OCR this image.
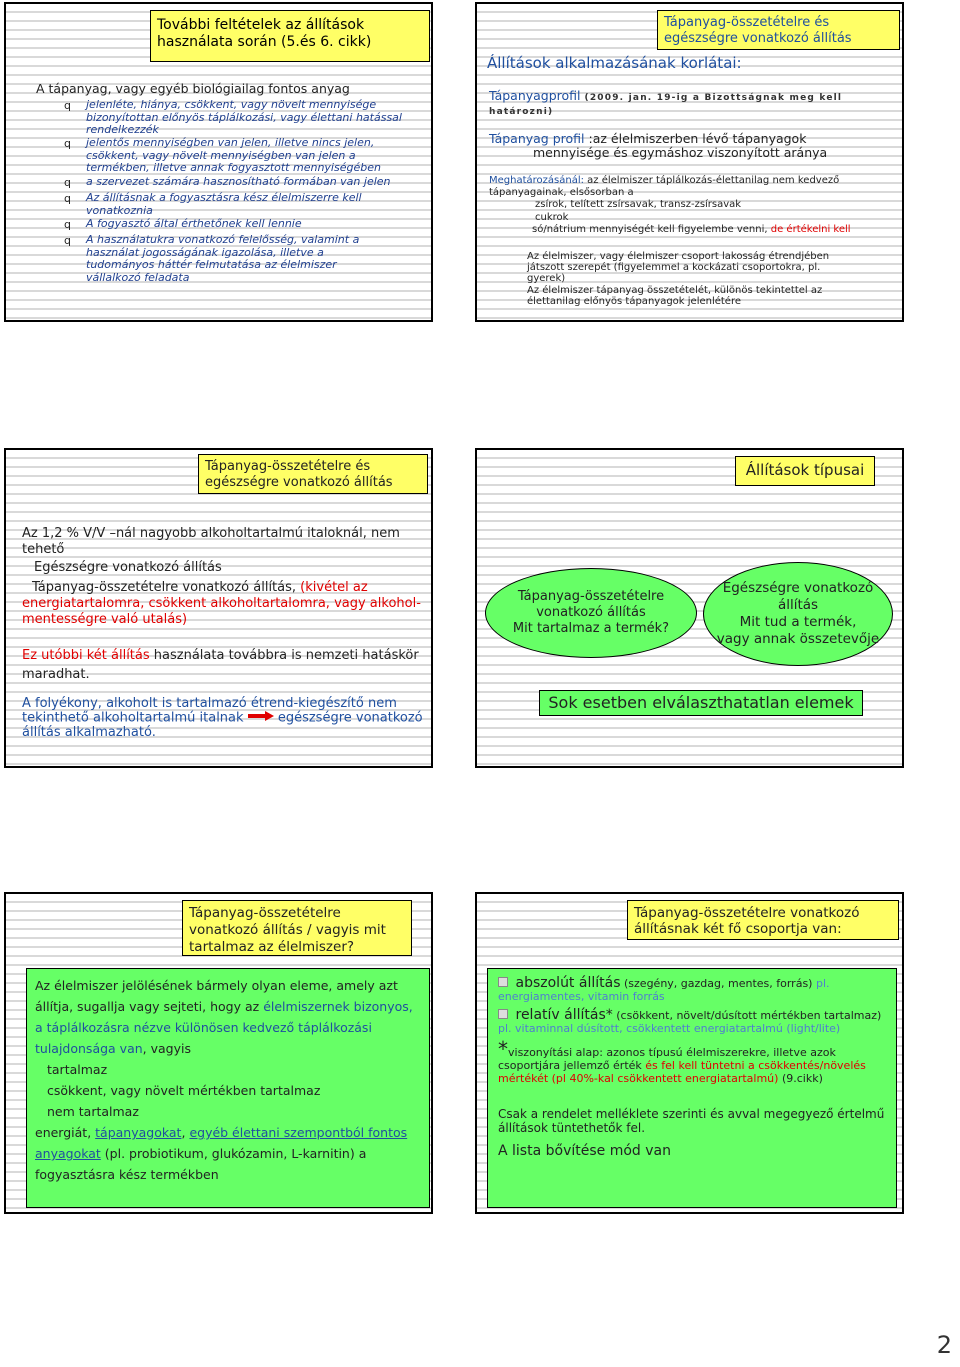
További feltételek az állítások használata során (5.és 6. cikk)
A tápanyag, vagy egyéb biológiailag fontos anyag
q jelenléte, hiánya, csökkent, vagy növelt mennyisége bizonyítottan előnyös táplálkozási, vagy élettani hatással rendelkezzék
q jelentős mennyiségben van jelen, illetve nincs jelen, csökkent, vagy növelt mennyiségben van jelen a termékben, illetve annak fogyasztott mennyiségében
q a szervezet számára hasznosítható formában van jelen
q Az állításnak a fogyasztásra kész élelmiszerre kell vonatkoznia
q A fogyasztó által érthetőnek kell lennie
q A használatukra vonatkozó felelősség, valamint a használat jogosságának igazolása, illetve a tudományos háttér felmutatása az élelmiszer vállalkozó feladata
Tápanyag-összetételre és egészségre vonatkozó állítás
Állítások alkalmazásának korlátai:
Tápanyagprofil (2009. jan. 19-ig a Bizottságnak meg kell határozni)
Tápanyag profil :az élelmiszerben lévő tápanyagok
mennyisége és egymáshoz viszonyított aránya
Meghatározásánál: az élelmiszer táplálkozás-élettanilag nem kedvező tápanyagainak, elsősorban a
zsírok, telített zsírsavak, transz-zsírsavak
cukrok
só/nátrium mennyiségét kell figyelembe venni, de értékelni kell
Az élelmiszer, vagy élelmiszer csoport lakosság étrendjében játszott szerepét (figyelemmel a kockázati csoportokra, pl. gyerek)
Az élelmiszer tápanyag összetételét, különös tekintettel az élettanilag előnyös tápanyagok jelenlétére
Tápanyag-összetételre és egészségre vonatkozó állítás
Az 1,2 % V/V –nál nagyobb alkoholtartalmú italoknál, nem tehető
Egészségre vonatkozó állítás
Tápanyag-összetételre vonatkozó állítás, (kivétel az energiatartalomra, csökkent alkoholtartalomra, vagy alkohol-mentességre való utalás)
Ez utóbbi két állítás használata továbbra is nemzeti hatáskör maradhat.
A folyékony, alkoholt is tartalmazó étrend-kiegészítő nem tekinthető alkoholtartalmú italnak	egészségre vonatkozó állítás alkalmazható.
Állítások típusai
Tápanyag-összetételre
vonatkozó állítás
Mit tartalmaz a termék?
Egészségre vonatkozó
állítás
Mit tud a termék,
vagy annak összetevője
Sok esetben elválaszthatatlan elemek
Tápanyag-összetételre vonatkozó állítás / vagyis mit tartalmaz az élelmiszer?
Az élelmiszer jelölésének bármely olyan eleme, amely azt állítja, sugallja vagy sejteti, hogy az élelmiszernek bizonyos, a táplálkozásra nézve különösen kedvező táplálkozási tulajdonsága van, vagyis
tartalmaz
csökkent, vagy növelt mértékben tartalmaz
nem tartalmaz
energiát, tápanyagokat, egyéb élettani szempontból fontos anyagokat (pl. probiotikum, glukózamin, L-karnitin) a fogyasztásra kész termékben
Tápanyag-összetételre vonatkozó állításnak két fő csoportja van:
abszolút állítás (szegény, gazdag, mentes, forrás) pl. energiamentes, vitamin forrás
relatív állítás* (csökkent, növelt/dúsított mértékben tartalmaz) pl. vitaminnal dúsított, csökkentett energiatartalmú (light/lite)
*viszonyítási alap: azonos típusú élelmiszerekre, illetve azok csoportjára jellemző érték és fel kell tüntetni a csökkentés/növelés mértékét (pl 40%-kal csökkentett energiatartalmú) (9.cikk)
Csak a rendelet melléklete szerinti és avval megegyező értelmű állítások tüntethetők fel.
A lista bővítése mód van
2
